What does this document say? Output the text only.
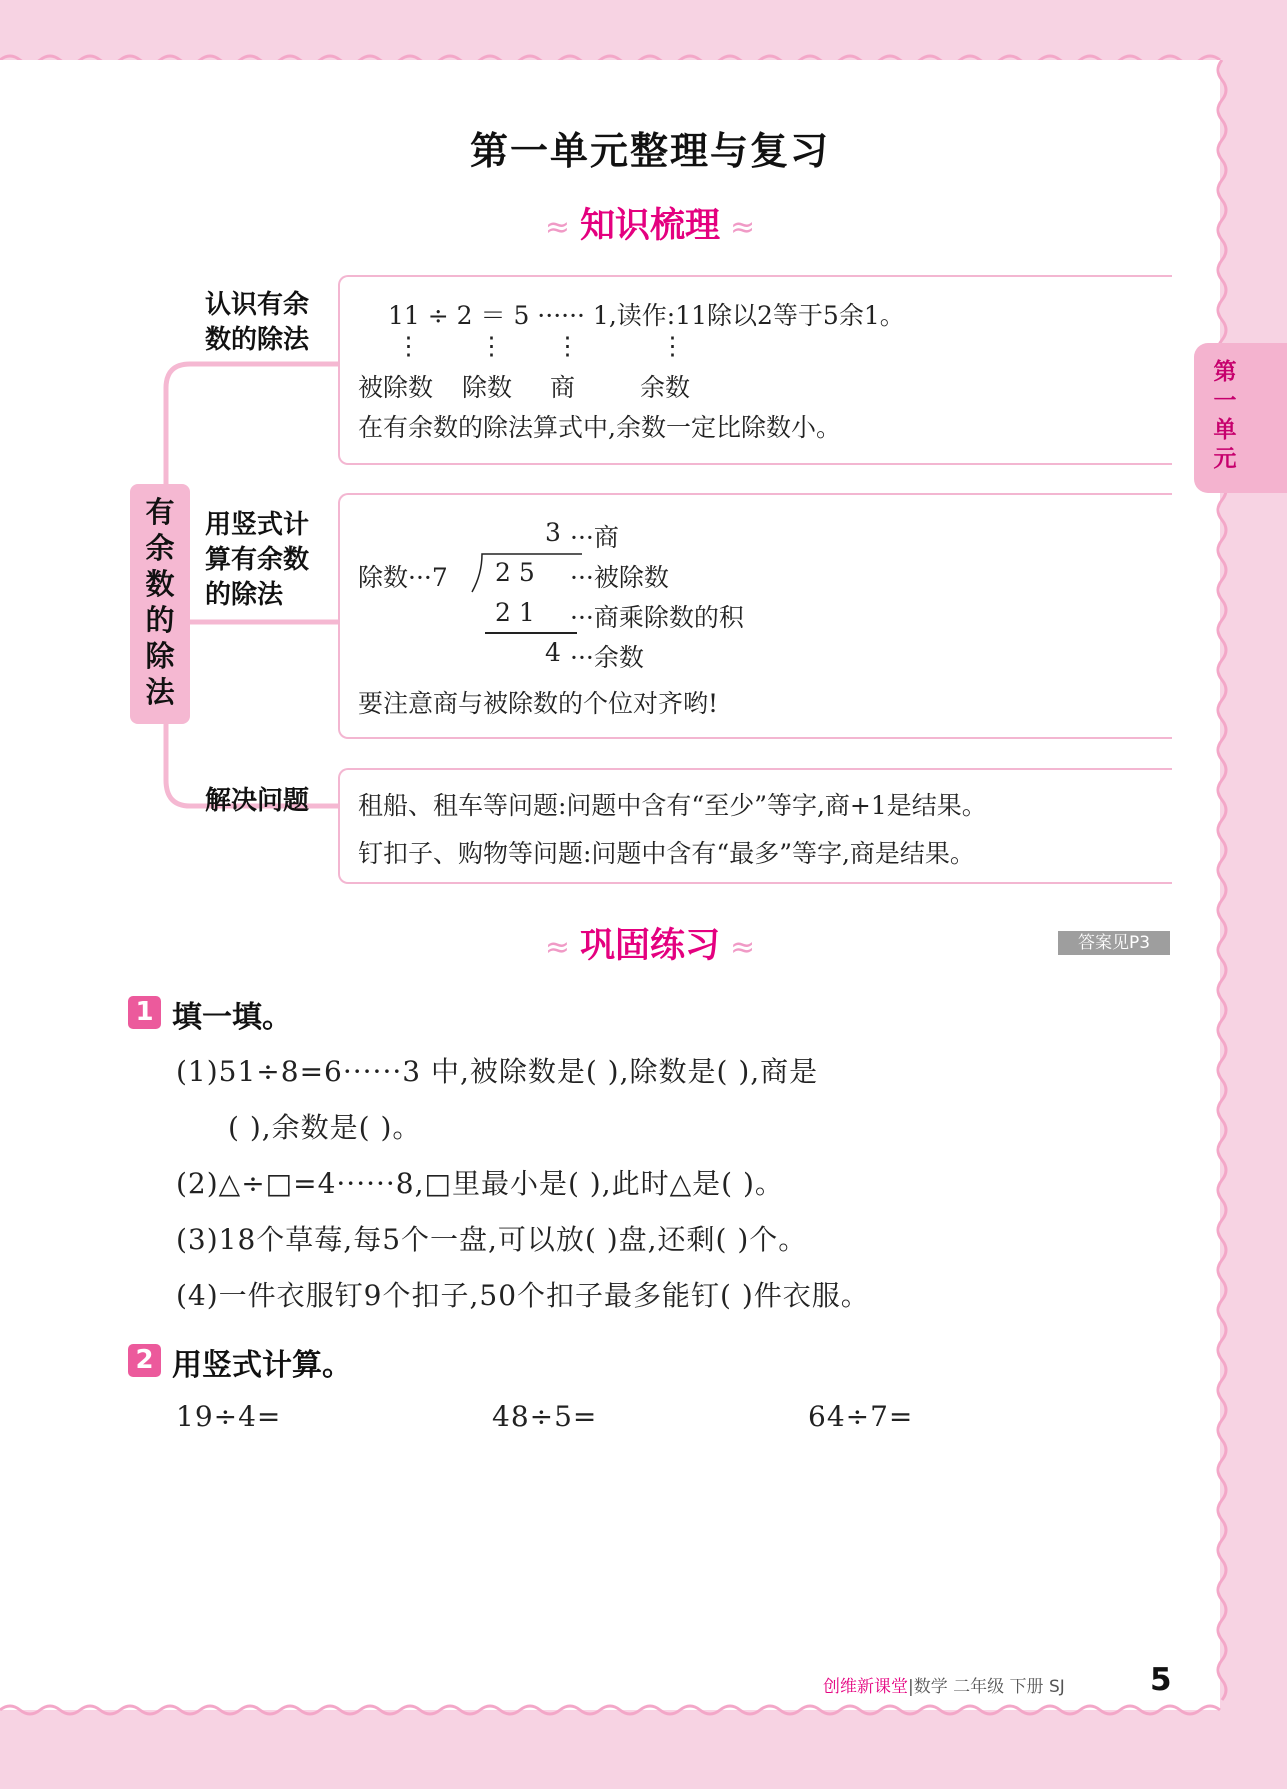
第一单元
第一单元整理与复习
≈ 知识梳理 ≈
有余数的除法
认识有余
数的除法
11 ÷ 2 ＝ 5 ······ 1,读作:11除以2等于5余1。
⋮ ⋮ ⋮	⋮
被除数 除数 商	余数
在有余数的除法算式中,余数一定比除数小。
用竖式计
算有余数
的除法
3 ···商
除数···7 2 5 ···被除数
2 1 ···商乘除数的积
4 ···余数
要注意商与被除数的个位对齐哟!
解决问题 租船、租车等问题:问题中含有“至少”等字,商+1是结果。
钉扣子、购物等问题:问题中含有“最多”等字,商是结果。
≈ 巩固练习 ≈	答案见P3
1 填一填。
(1)51÷8=6······3 中,被除数是( ),除数是( ),商是
( ),余数是( )。
(2)△÷□=4······8,□里最小是( ),此时△是( )。
(3)18个草莓,每5个一盘,可以放( )盘,还剩( )个。
(4)一件衣服钉9个扣子,50个扣子最多能钉( )件衣服。
2 用竖式计算。
19÷4=	48÷5=	64÷7=
创维新课堂|数学 二年级 下册 SJ	5
